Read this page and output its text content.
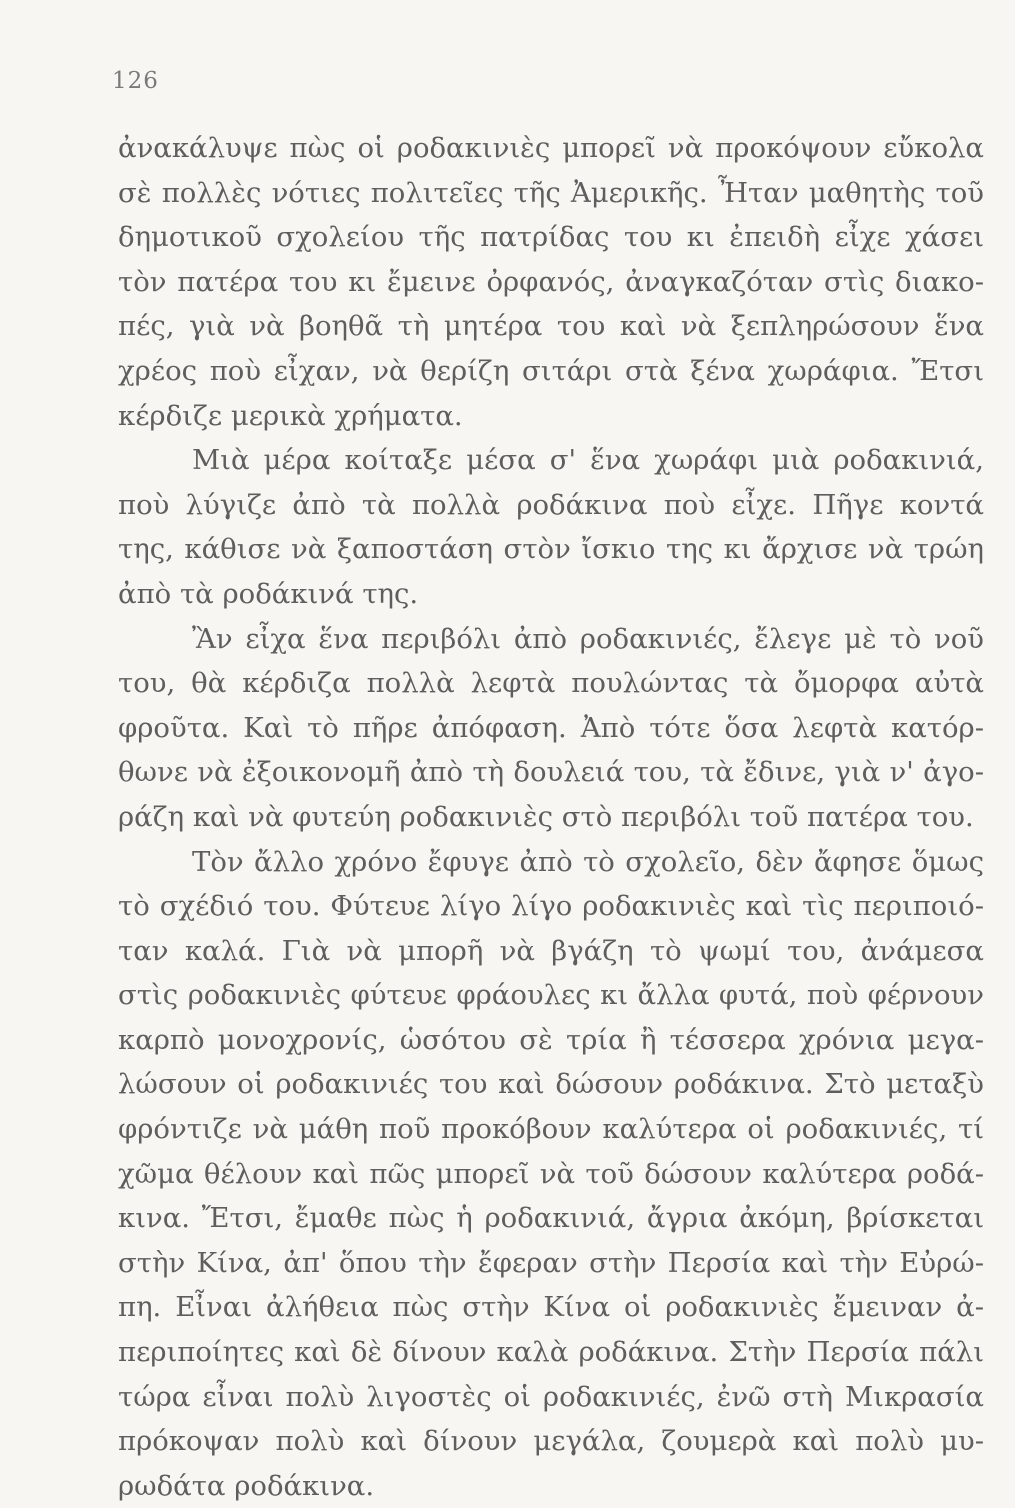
126
ἀνακάλυψε πὼς οἱ ροδακινιὲς μπορεῖ νὰ προκόψουν εὔκολα
σὲ πολλὲς νότιες πολιτεῖες τῆς Ἀμερικῆς. Ἦταν μαθητὴς τοῦ
δημοτικοῦ σχολείου τῆς πατρίδας του κι ἐπειδὴ εἶχε χάσει
τὸν πατέρα του κι ἔμεινε ὀρφανός, ἀναγκαζόταν στὶς διακο-
πές, γιὰ νὰ βοηθᾶ τὴ μητέρα του καὶ νὰ ξεπληρώσουν ἕνα
χρέος ποὺ εἶχαν, νὰ θερίζη σιτάρι στὰ ξένα χωράφια. Ἔτσι
κέρδιζε μερικὰ χρήματα.
Μιὰ μέρα κοίταξε μέσα σ' ἕνα χωράφι μιὰ ροδακινιά,
ποὺ λύγιζε ἀπὸ τὰ πολλὰ ροδάκινα ποὺ εἶχε. Πῆγε κοντά
της, κάθισε νὰ ξαποστάση στὸν ἴσκιο της κι ἄρχισε νὰ τρώη
ἀπὸ τὰ ροδάκινά της.
Ἂν εἶχα ἕνα περιβόλι ἀπὸ ροδακινιές, ἔλεγε μὲ τὸ νοῦ
του, θὰ κέρδιζα πολλὰ λεφτὰ πουλώντας τὰ ὄμορφα αὐτὰ
φροῦτα. Καὶ τὸ πῆρε ἀπόφαση. Ἀπὸ τότε ὅσα λεφτὰ κατόρ-
θωνε νὰ ἐξοικονομῆ ἀπὸ τὴ δουλειά του, τὰ ἔδινε, γιὰ ν' ἀγο-
ράζη καὶ νὰ φυτεύη ροδακινιὲς στὸ περιβόλι τοῦ πατέρα του.
Τὸν ἄλλο χρόνο ἔφυγε ἀπὸ τὸ σχολεῖο, δὲν ἄφησε ὅμως
τὸ σχέδιό του. Φύτευε λίγο λίγο ροδακινιὲς καὶ τὶς περιποιό-
ταν καλά. Γιὰ νὰ μπορῆ νὰ βγάζη τὸ ψωμί του, ἀνάμεσα
στὶς ροδακινιὲς φύτευε φράουλες κι ἄλλα φυτά, ποὺ φέρνουν
καρπὸ μονοχρονίς, ὡσότου σὲ τρία ἢ τέσσερα χρόνια μεγα-
λώσουν οἱ ροδακινιές του καὶ δώσουν ροδάκινα. Στὸ μεταξὺ
φρόντιζε νὰ μάθη ποῦ προκόβουν καλύτερα οἱ ροδακινιές, τί
χῶμα θέλουν καὶ πῶς μπορεῖ νὰ τοῦ δώσουν καλύτερα ροδά-
κινα. Ἔτσι, ἔμαθε πὼς ἡ ροδακινιά, ἄγρια ἀκόμη, βρίσκεται
στὴν Κίνα, ἀπ' ὅπου τὴν ἔφεραν στὴν Περσία καὶ τὴν Εὐρώ-
πη. Εἶναι ἀλήθεια πὼς στὴν Κίνα οἱ ροδακινιὲς ἔμειναν ἀ-
περιποίητες καὶ δὲ δίνουν καλὰ ροδάκινα. Στὴν Περσία πάλι
τώρα εἶναι πολὺ λιγοστὲς οἱ ροδακινιές, ἐνῶ στὴ Μικρασία
πρόκοψαν πολὺ καὶ δίνουν μεγάλα, ζουμερὰ καὶ πολὺ μυ-
ρωδάτα ροδάκινα.
